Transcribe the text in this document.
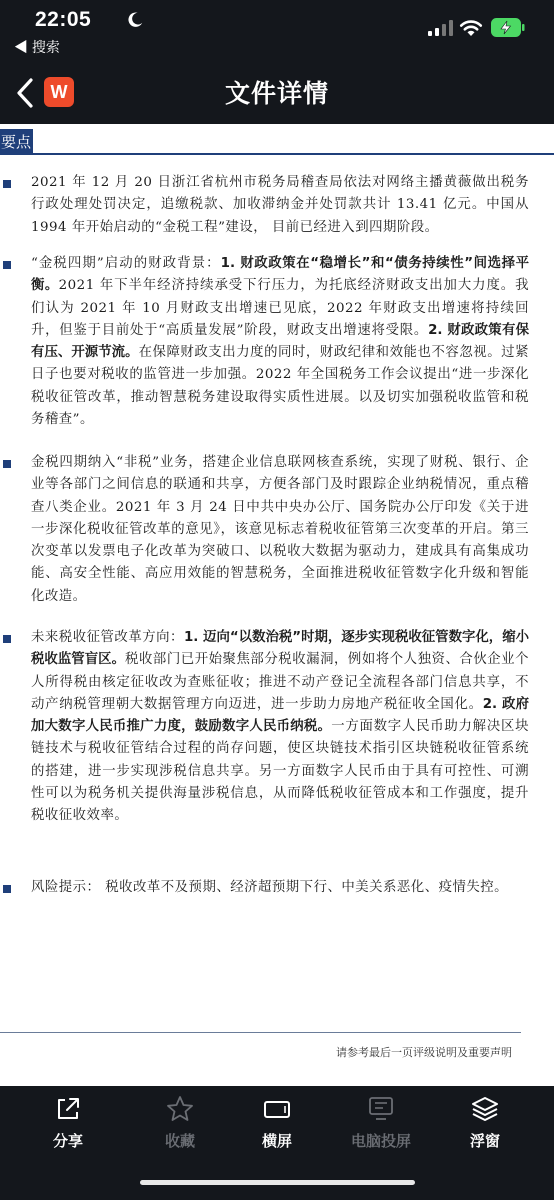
22:05
◀ 搜索
W	文件详情
要点
2021 年 12 月 20 日浙江省杭州市税务局稽查局依法对网络主播黄薇做出税务行政处理处罚决定，追缴税款、加收滞纳金并处罚款共计 13.41 亿元。中国从 1994 年开始启动的“金税工程”建设， 目前已经进入到四期阶段。
“金税四期”启动的财政背景：1. 财政政策在“稳增长”和“债务持续性”间选择平衡。2021 年下半年经济持续承受下行压力，为托底经济财政支出加大力度。我们认为 2021 年 10 月财政支出增速已见底，2022 年财政支出增速将持续回升，但鉴于目前处于“高质量发展”阶段，财政支出增速将受限。2. 财政政策有保有压、开源节流。在保障财政支出力度的同时，财政纪律和效能也不容忽视。过紧日子也要对税收的监管进一步加强。2022 年全国税务工作会议提出“进一步深化税收征管改革，推动智慧税务建设取得实质性进展。以及切实加强税收监管和税务稽查”。
金税四期纳入“非税”业务，搭建企业信息联网核查系统，实现了财税、银行、企业等各部门之间信息的联通和共享，方便各部门及时跟踪企业纳税情况，重点稽查八类企业。2021 年 3 月 24 日中共中央办公厅、国务院办公厅印发《关于进一步深化税收征管改革的意见》，该意见标志着税收征管第三次变革的开启。第三次变革以发票电子化改革为突破口、以税收大数据为驱动力，建成具有高集成功能、高安全性能、高应用效能的智慧税务，全面推进税收征管数字化升级和智能化改造。
未来税收征管改革方向：1. 迈向“以数治税”时期，逐步实现税收征管数字化，缩小税收监管盲区。税收部门已开始聚焦部分税收漏洞，例如将个人独资、合伙企业个人所得税由核定征收改为查账征收；推进不动产登记全流程各部门信息共享，不动产纳税管理朝大数据管理方向迈进，进一步助力房地产税征收全国化。2. 政府加大数字人民币推广力度，鼓励数字人民币纳税。一方面数字人民币助力解决区块链技术与税收征管结合过程的尚存问题，使区块链技术指引区块链税收征管系统的搭建，进一步实现涉税信息共享。另一方面数字人民币由于具有可控性、可溯性可以为税务机关提供海量涉税信息，从而降低税收征管成本和工作强度，提升税收征收效率。
风险提示： 税收改革不及预期、经济超预期下行、中美关系恶化、疫情失控。
请参考最后一页评级说明及重要声明
分享	收藏	横屏	电脑投屏	浮窗
